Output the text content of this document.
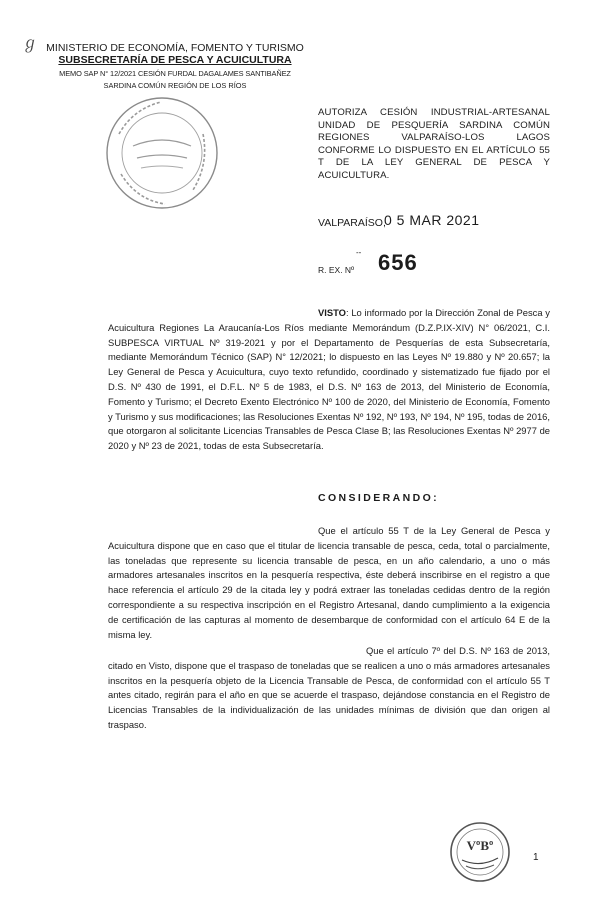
ℊ MINISTERIO DE ECONOMÍA, FOMENTO Y TURISMO
SUBSECRETARÍA DE PESCA Y ACUICULTURA
MEMO SAP N° 12/2021 CESIÓN FURDAL DAGALAMES SANTIBAÑEZ
SARDINA COMÚN REGIÓN DE LOS RÍOS
AUTORIZA CESIÓN INDUSTRIAL-ARTESANAL UNIDAD DE PESQUERÍA SARDINA COMÚN REGIONES VALPARAÍSO-LOS LAGOS CONFORME LO DISPUESTO EN EL ARTÍCULO 55 T DE LA LEY GENERAL DE PESCA Y ACUICULTURA.
VALPARAÍSO,
0 5 MAR 2021
--
R. EX. Nº 656
VISTO: Lo informado por la Dirección Zonal de Pesca y Acuicultura Regiones La Araucanía-Los Ríos mediante Memorándum (D.Z.P.IX-XIV) N° 06/2021, C.I. SUBPESCA VIRTUAL Nº 319-2021 y por el Departamento de Pesquerías de esta Subsecretaría, mediante Memorándum Técnico (SAP) N° 12/2021; lo dispuesto en las Leyes Nº 19.880 y Nº 20.657; la Ley General de Pesca y Acuicultura, cuyo texto refundido, coordinado y sistematizado fue fijado por el D.S. Nº 430 de 1991, el D.F.L. Nº 5 de 1983, el D.S. Nº 163 de 2013, del Ministerio de Economía, Fomento y Turismo; el Decreto Exento Electrónico Nº 100 de 2020, del Ministerio de Economía, Fomento y Turismo y sus modificaciones; las Resoluciones Exentas Nº 192, Nº 193, Nº 194, Nº 195, todas de 2016, que otorgaron al solicitante Licencias Transables de Pesca Clase B; las Resoluciones Exentas Nº 2977 de 2020 y Nº 23 de 2021, todas de esta Subsecretaría.
CONSIDERANDO:
Que el artículo 55 T de la Ley General de Pesca y Acuicultura dispone que en caso que el titular de licencia transable de pesca, ceda, total o parcialmente, las toneladas que represente su licencia transable de pesca, en un año calendario, a uno o más armadores artesanales inscritos en la pesquería respectiva, éste deberá inscribirse en el registro a que hace referencia el artículo 29 de la citada ley y podrá extraer las toneladas cedidas dentro de la región correspondiente a su respectiva inscripción en el Registro Artesanal, dando cumplimiento a la exigencia de certificación de las capturas al momento de desembarque de conformidad con el artículo 64 E de la misma ley.
Que el artículo 7º del D.S. Nº 163 de 2013, citado en Visto, dispone que el traspaso de toneladas que se realicen a uno o más armadores artesanales inscritos en la pesquería objeto de la Licencia Transable de Pesca, de conformidad con el artículo 55 T antes citado, regirán para el año en que se acuerde el traspaso, dejándose constancia en el Registro de Licencias Transables de la individualización de las unidades mínimas de división que dan origen al traspaso.
VºBº
1
